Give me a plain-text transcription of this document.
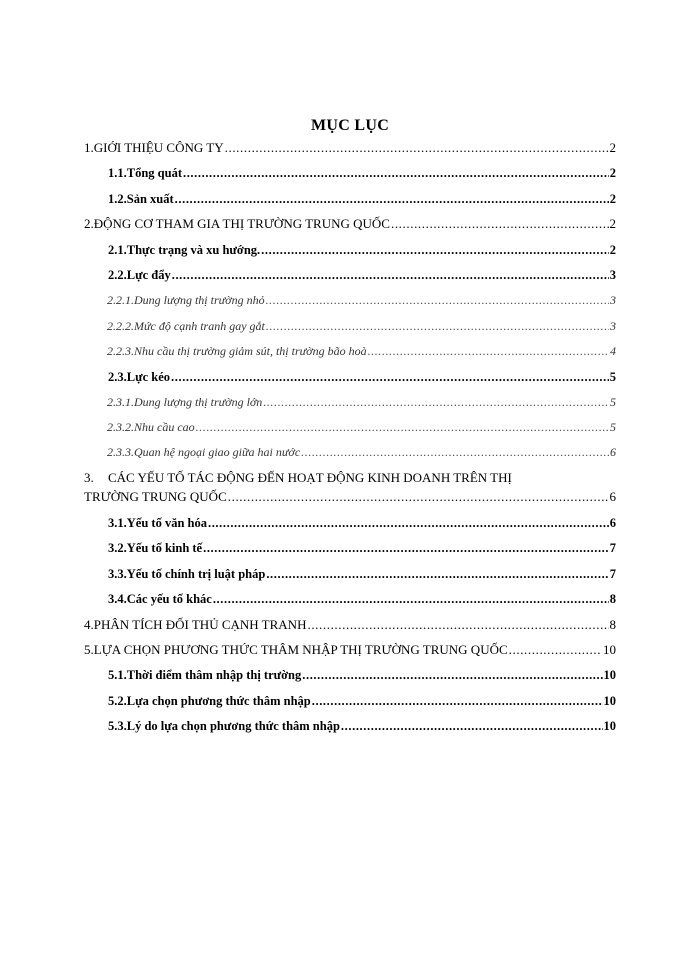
MỤC LỤC
1. GIỚI THIỆU CÔNG TY .....	2
1.1. Tổng quát .....	2
1.2. Sản xuất .....	2
2. ĐỘNG CƠ THAM GIA THỊ TRƯỜNG TRUNG QUỐC .....	2
2.1. Thực trạng và xu hướng. .....	2
2.2. Lực đẩy .....	3
2.2.1. Dung lượng thị trường nhỏ .....	3
2.2.2. Mức độ cạnh tranh gay gắt .....	3
2.2.3. Nhu cầu thị trường giảm sút, thị trường bão hoà .....	4
2.3. Lực kéo .....	5
2.3.1. Dung lượng thị trường lớn .....	5
2.3.2. Nhu cầu cao .....	5
2.3.3. Quan hệ ngoại giao giữa hai nước .....	6
3. CÁC YẾU TỐ TÁC ĐỘNG ĐẾN HOẠT ĐỘNG KINH DOANH TRÊN THỊ
TRƯỜNG TRUNG QUỐC .....	6
3.1. Yếu tố văn hóa .....	6
3.2. Yếu tố kinh tế .....	7
3.3. Yếu tố chính trị luật pháp .....	7
3.4. Các yếu tố khác .....	8
4. PHÂN TÍCH ĐỐI THỦ CẠNH TRANH .....	8
5. LỰA CHỌN PHƯƠNG THỨC THÂM NHẬP THỊ TRƯỜNG TRUNG QUỐC .....	10
5.1. Thời điểm thâm nhập thị trường .....	10
5.2. Lựa chọn phương thức thâm nhập .....	10
5.3. Lý do lựa chọn phương thức thâm nhập .....	10
